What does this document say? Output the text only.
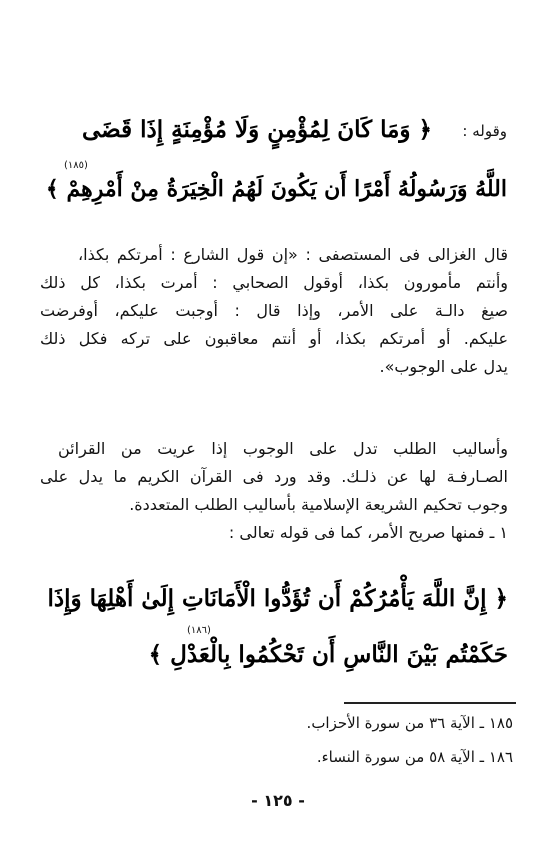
وقوله :
﴿ وَمَا كَانَ لِمُؤْمِنٍ وَلَا مُؤْمِنَةٍ إِذَا قَضَى
(١٨٥)
اللَّهُ وَرَسُولُهُ أَمْرًا أَن يَكُونَ لَهُمُ الْخِيَرَةُ مِنْ أَمْرِهِمْ ﴾
قال الغزالى فى المستصفى : «إن قول الشارع : أمرتكم بكذا،
وأنتم مأمورون بكذا، أوقول الصحابي : أمرت بكذا، كل ذلك
صيغ دالـة على الأمر، وإذا قال : أوجبت عليكم، أوفرضت
عليكم. أو أمرتكم بكذا، أو أنتم معاقبون على تركه فكل ذلك
يدل على الوجوب».
وأساليب الطلب تدل على الوجوب إذا عريت من القرائن
الصـارفـة لها عن ذلـك. وقد ورد فى القرآن الكريم ما يدل على
وجوب تحكيم الشريعة الإسلامية بأساليب الطلب المتعددة.
١ ـ فمنها صريح الأمر، كما فى قوله تعالى :
﴿ إِنَّ اللَّهَ يَأْمُرُكُمْ أَن تُؤَدُّوا الْأَمَانَاتِ إِلَىٰ أَهْلِهَا وَإِذَا
(١٨٦)
حَكَمْتُم بَيْنَ النَّاسِ أَن تَحْكُمُوا بِالْعَدْلِ ﴾
١٨٥ ـ الآية ٣٦ من سورة الأحزاب.
١٨٦ ـ الآية ٥٨ من سورة النساء.
- ١٢٥ -
